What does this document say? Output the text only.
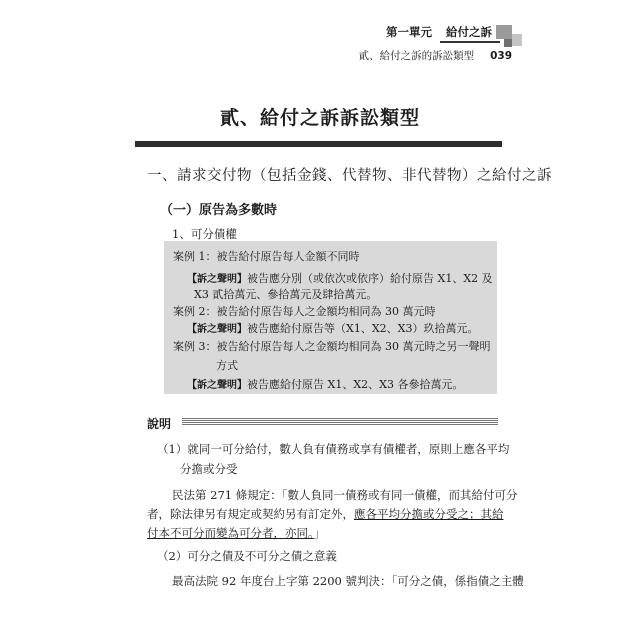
第一單元 給付之訴
貳、給付之訴的訴訟類型 039
貳、給付之訴訴訟類型
一、請求交付物（包括金錢、代替物、非代替物）之給付之訴
（一）原告為多數時
1、可分債權
案例 1：被告給付原告每人金額不同時
【訴之聲明】被告應分別（或依次或依序）給付原告 X1、X2 及
X3 貳拾萬元、參拾萬元及肆拾萬元。
案例 2：被告給付原告每人之金額均相同為 30 萬元時
【訴之聲明】被告應給付原告等（X1、X2、X3）玖拾萬元。
案例 3：被告給付原告每人之金額均相同為 30 萬元時之另一聲明
方式
【訴之聲明】被告應給付原告 X1、X2、X3 各參拾萬元。
說明
（1）就同一可分給付，數人負有債務或享有債權者，原則上應各平均
分擔或分受
民法第 271 條規定：「數人負同一債務或有同一債權，而其給付可分
者，除法律另有規定或契約另有訂定外，應各平均分擔或分受之；其給
付本不可分而變為可分者，亦同。」
（2）可分之債及不可分之債之意義
最高法院 92 年度台上字第 2200 號判決：「可分之債，係指債之主體
